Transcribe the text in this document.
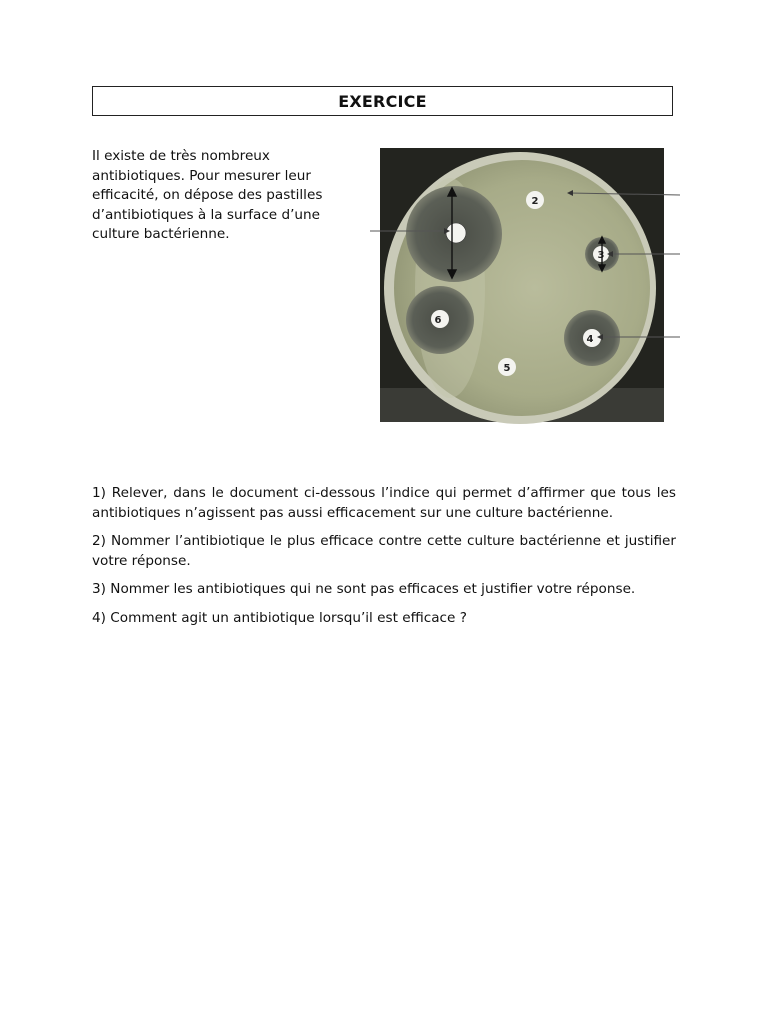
EXERCICE
Il existe de très nombreux antibiotiques. Pour mesurer leur efficacité, on dépose des pastilles d’antibiotiques à la surface d’une culture bactérienne.
2
3
4
5
6

1) Relever, dans le document ci-dessous l’indice qui permet d’affirmer que tous les antibiotiques n’agissent pas aussi efficacement sur une culture bactérienne.

2) Nommer l’antibiotique le plus efficace contre cette culture bactérienne et justifier votre réponse.

3) Nommer les antibiotiques qui ne sont pas efficaces et justifier votre réponse.

4) Comment agit un antibiotique lorsqu’il est efficace ?
